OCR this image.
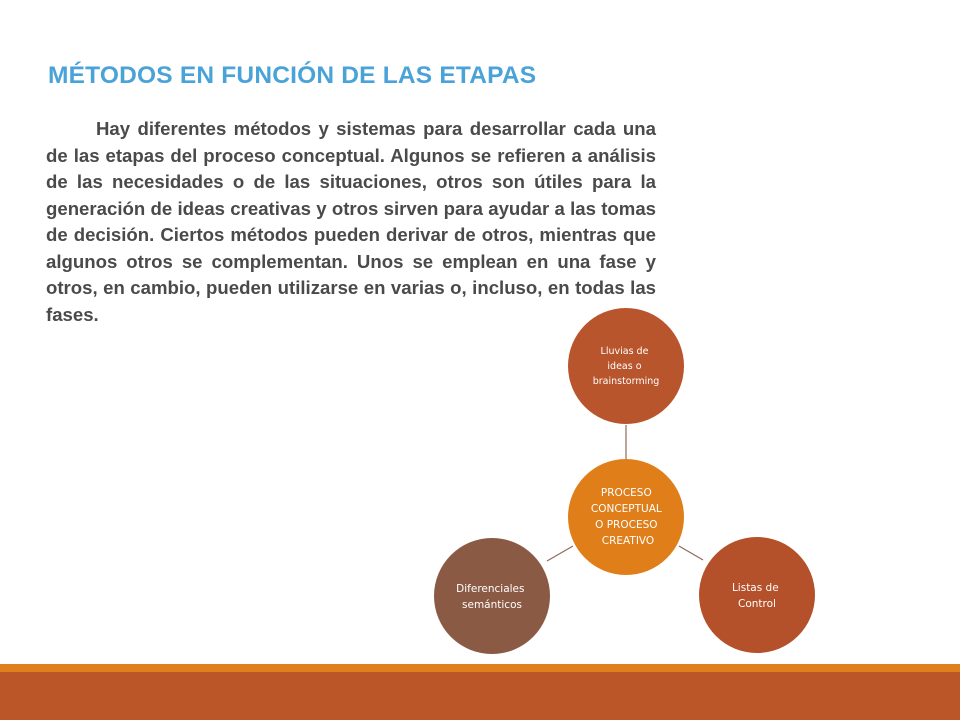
MÉTODOS EN FUNCIÓN DE LAS ETAPAS

Hay diferentes métodos y sistemas para desarrollar cada una de las etapas del proceso conceptual. Algunos se refieren a análisis de las necesidades o de las situaciones, otros son útiles para la generación de ideas creativas y otros sirven para ayudar a las tomas de decisión. Ciertos métodos pueden derivar de otros, mientras que algunos otros se complementan. Unos se emplean en una fase y otros, en cambio, pueden utilizarse en varias o, incluso, en todas las fases.

PROCESO CONCEPTUAL O PROCESO CREATIVO
Lluvias de ideas o brainstorming
Listas de Control
Diferenciales semánticos
